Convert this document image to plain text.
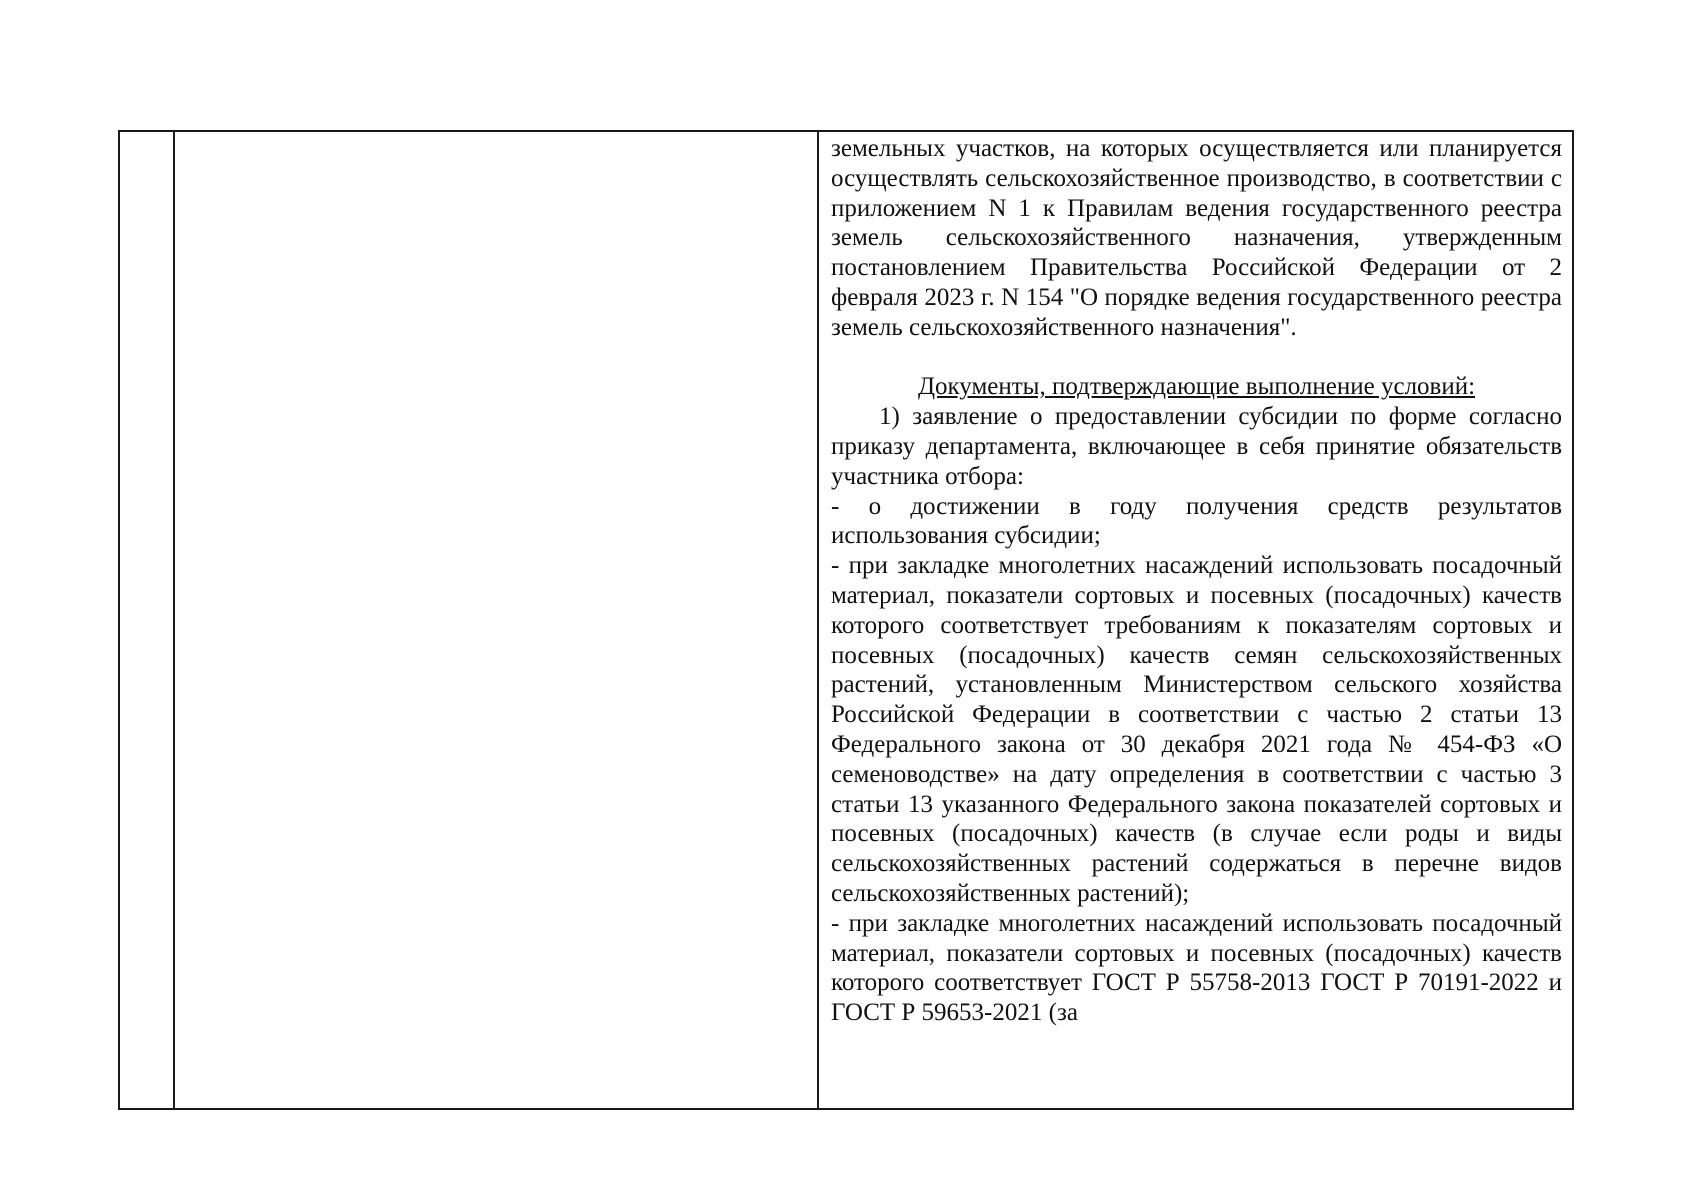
земельных участков, на которых осуществляется или планируется осуществлять сельскохозяйственное производство, в соответствии с приложением N 1 к Правилам ведения государственного реестра земель сельскохозяйственного назначения, утвержденным постановлением Правительства Российской Федерации от 2 февраля 2023 г. N 154 "О порядке ведения государственного реестра земель сельскохозяйственного назначения".

Документы, подтверждающие выполнение условий:

1) заявление о предоставлении субсидии по форме согласно приказу департамента, включающее в себя принятие обязательств участника отбора:

- о достижении в году получения средств результатов использования субсидии;

- при закладке многолетних насаждений использовать посадочный материал, показатели сортовых и посевных (посадочных) качеств которого соответствует требованиям к показателям сортовых и посевных (посадочных) качеств семян сельскохозяйственных растений, установленным Министерством сельского хозяйства Российской Федерации в соответствии с частью 2 статьи 13 Федерального закона от 30 декабря 2021 года № 454-ФЗ «О семеноводстве» на дату определения в соответствии с частью 3 статьи 13 указанного Федерального закона показателей сортовых и посевных (посадочных) качеств (в случае если роды и виды сельскохозяйственных растений содержаться в перечне видов сельскохозяйственных растений);

- при закладке многолетних насаждений использовать посадочный материал, показатели сортовых и посевных (посадочных) качеств которого соответствует ГОСТ Р 55758-2013 ГОСТ Р 70191-2022 и ГОСТ Р 59653-2021 (за
